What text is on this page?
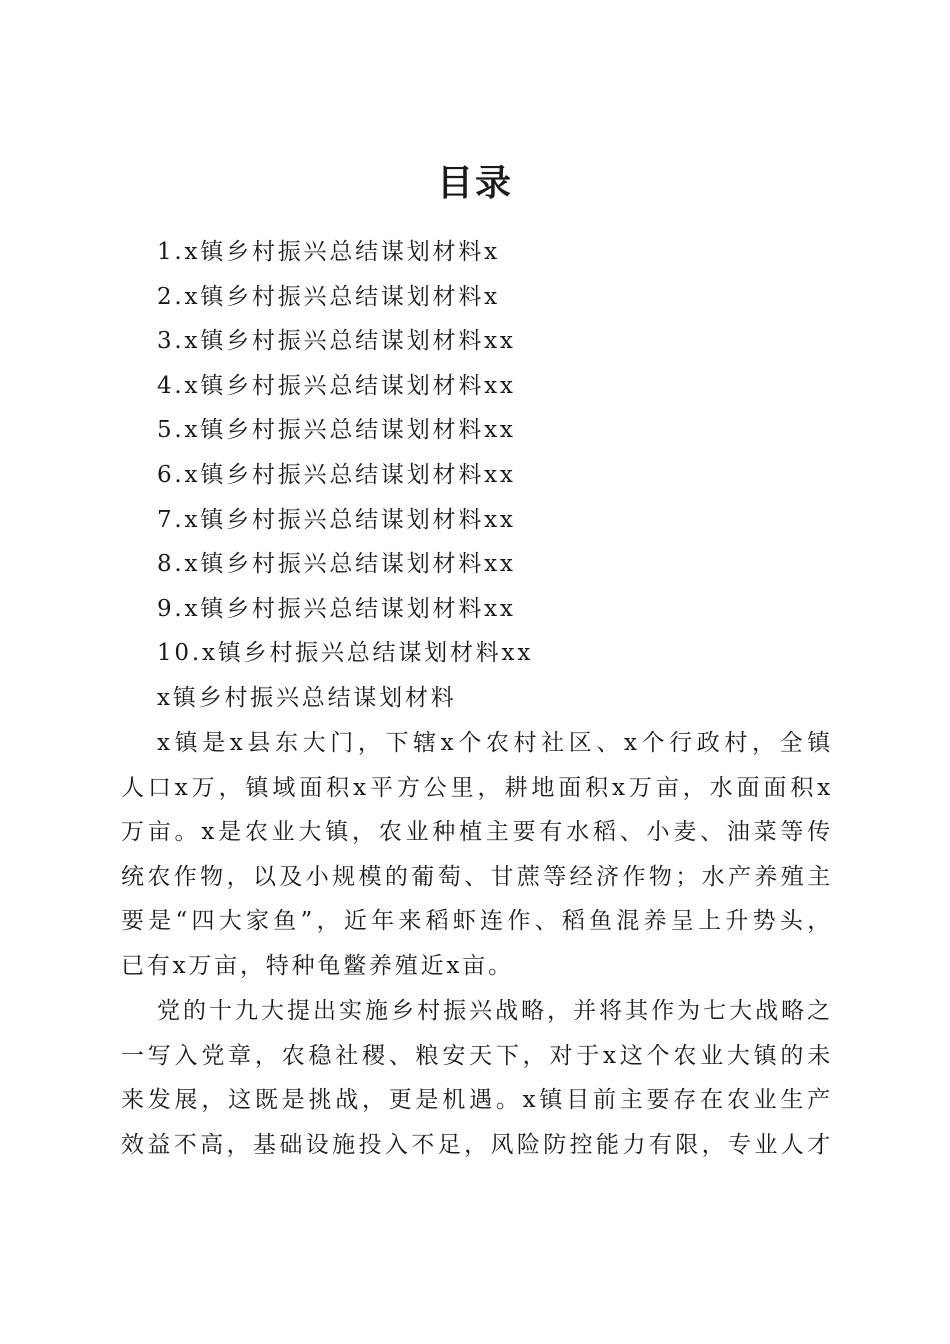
目录
1.x镇乡村振兴总结谋划材料x
2.x镇乡村振兴总结谋划材料x
3.x镇乡村振兴总结谋划材料xx
4.x镇乡村振兴总结谋划材料xx
5.x镇乡村振兴总结谋划材料xx
6.x镇乡村振兴总结谋划材料xx
7.x镇乡村振兴总结谋划材料xx
8.x镇乡村振兴总结谋划材料xx
9.x镇乡村振兴总结谋划材料xx
10.x镇乡村振兴总结谋划材料xx
x镇乡村振兴总结谋划材料
x镇是x县东大门，下辖x个农村社区、x个行政村，全镇
人口x万，镇域面积x平方公里，耕地面积x万亩，水面面积x
万亩。x是农业大镇，农业种植主要有水稻、小麦、油菜等传
统农作物，以及小规模的葡萄、甘蔗等经济作物；水产养殖主
要是“四大家鱼”，近年来稻虾连作、稻鱼混养呈上升势头，
已有x万亩，特种龟鳖养殖近x亩。
党的十九大提出实施乡村振兴战略，并将其作为七大战略之
一写入党章，农稳社稷、粮安天下，对于x这个农业大镇的未
来发展，这既是挑战，更是机遇。x镇目前主要存在农业生产
效益不高，基础设施投入不足，风险防控能力有限，专业人才
